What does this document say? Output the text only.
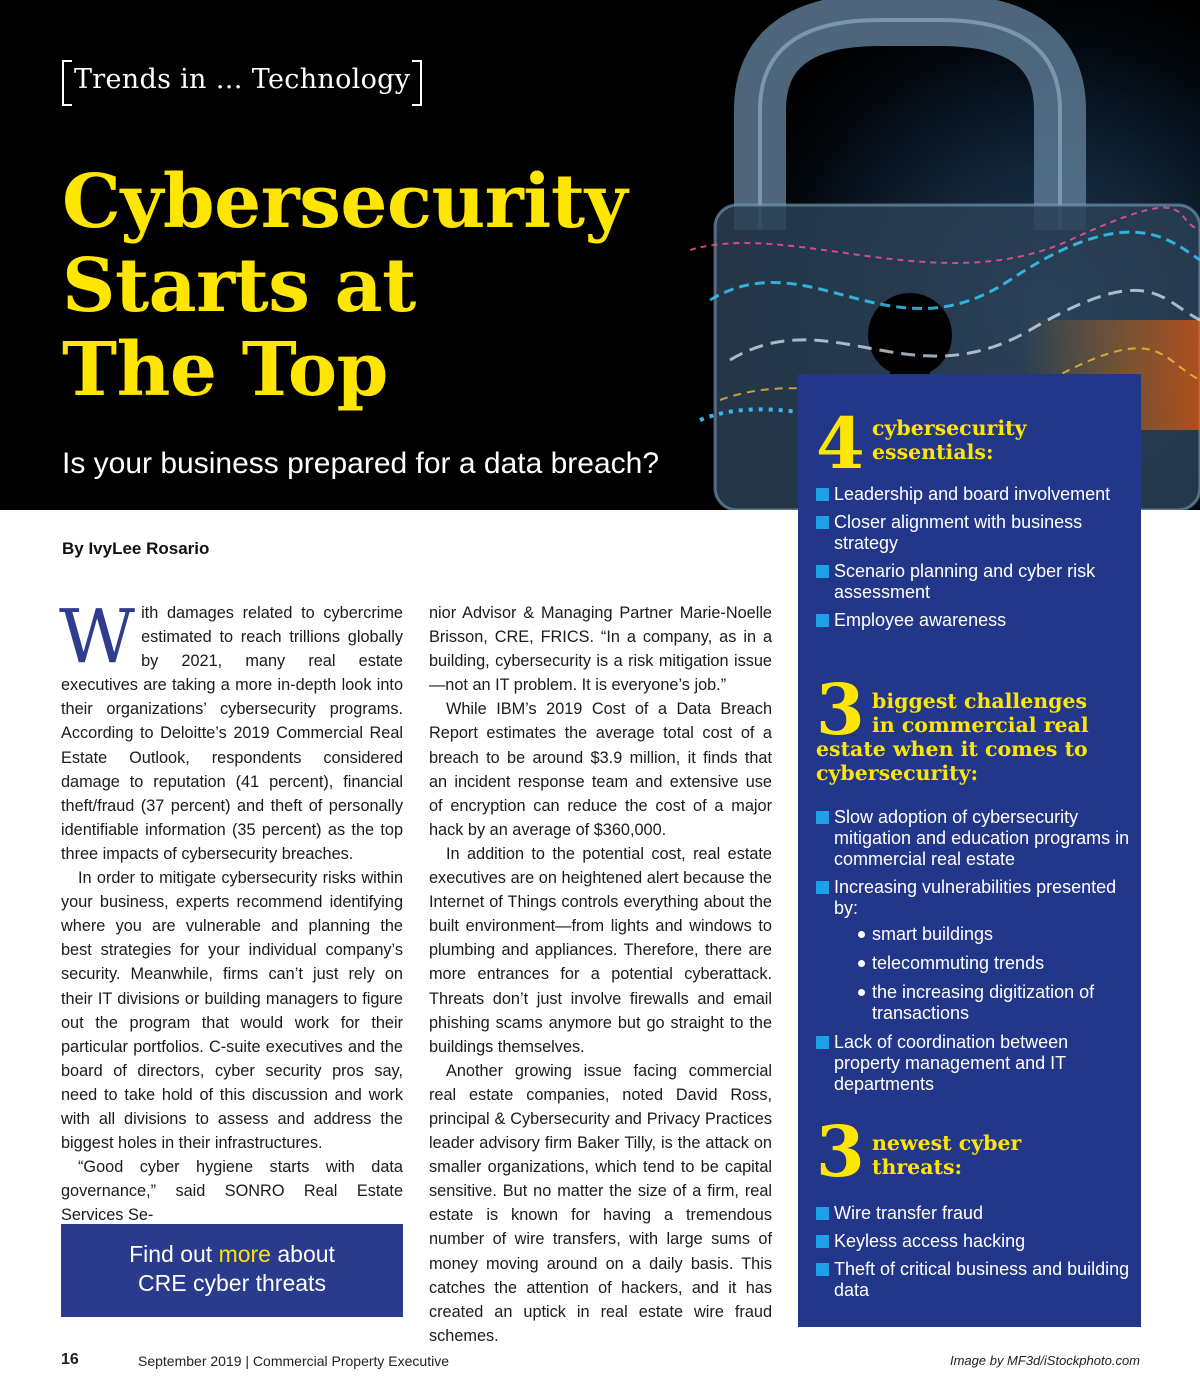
Trends in … Technology
Cybersecurity
Starts at
The Top
Is your business prepared for a data breach?
By IvyLee Rosario

With damages related to cybercrime estimated to reach trillions globally by 2021, many real estate executives are taking a more in-depth look into their organizations’ cybersecurity programs. According to Deloitte’s 2019 Commercial Real Estate Outlook, respondents considered damage to reputation (41 percent), financial theft/fraud (37 percent) and theft of personally identifiable information (35 percent) as the top three impacts of cybersecurity breaches.

In order to mitigate cybersecurity risks within your business, experts recommend identifying where you are vulnerable and planning the best strategies for your individual company’s security. Meanwhile, firms can’t just rely on their IT divisions or building managers to figure out the program that would work for their particular portfolios. C-suite executives and the board of directors, cyber security pros say, need to take hold of this discussion and work with all divisions to assess and address the biggest holes in their infrastructures.

“Good cyber hygiene starts with data governance,” said SONRO Real Estate Services Se-

nior Advisor & Managing Partner Marie-Noelle Brisson, CRE, FRICS. “In a company, as in a building, cybersecurity is a risk mitigation issue—not an IT problem. It is everyone’s job.”

While IBM’s 2019 Cost of a Data Breach Report estimates the average total cost of a breach to be around $3.9 million, it finds that an incident response team and extensive use of encryption can reduce the cost of a major hack by an average of $360,000.

In addition to the potential cost, real estate executives are on heightened alert because the Internet of Things controls everything about the built environment—from lights and windows to plumbing and appliances. Therefore, there are more entrances for a potential cyberattack. Threats don’t just involve firewalls and email phishing scams anymore but go straight to the buildings themselves.

Another growing issue facing commercial real estate companies, noted David Ross, principal & Cybersecurity and Privacy Practices leader advisory firm Baker Tilly, is the attack on smaller organizations, which tend to be capital sensitive. But no matter the size of a firm, real estate is known for having a tremendous number of wire transfers, with large sums of money moving around on a daily basis. This catches the attention of hackers, and it has created an uptick in real estate wire fraud schemes.

Find out more about
CRE cyber threats
4 cybersecurity
essentials:
Leadership and board involvement
Closer alignment with business strategy
Scenario planning and cyber risk assessment
Employee awareness
3 biggest challenges
in commercial real
estate when it comes to
cybersecurity:
Slow adoption of cybersecurity mitigation and education programs in commercial real estate
Increasing vulnerabilities presented by:
smart buildings
telecommuting trends
the increasing digitization of transactions
Lack of coordination between property management and IT departments
3 newest cyber
threats:
Wire transfer fraud
Keyless access hacking
Theft of critical business and building data
16	September 2019 | Commercial Property Executive	Image by MF3d/iStockphoto.com
